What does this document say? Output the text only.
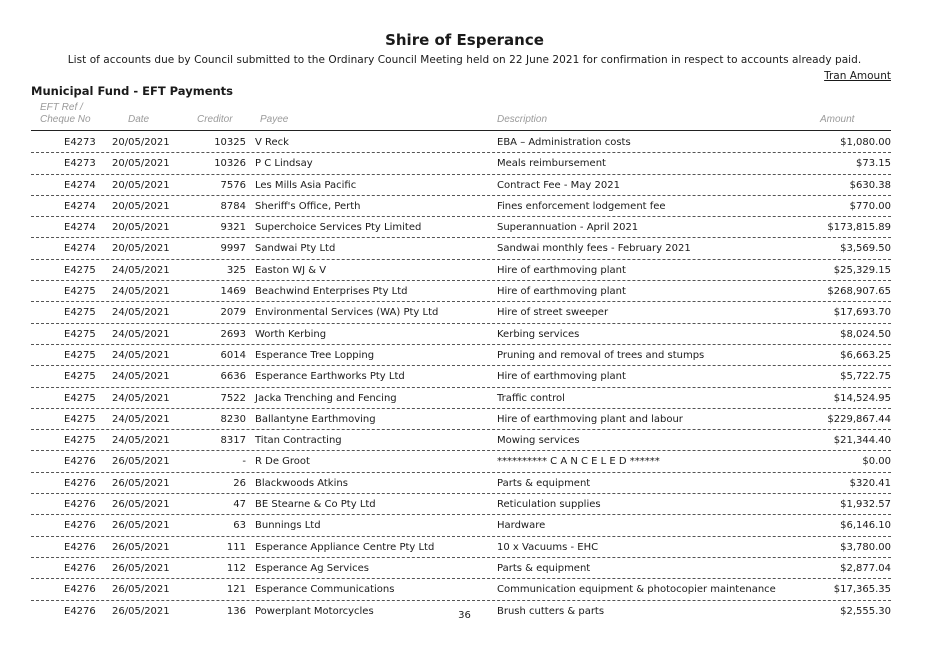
Shire of Esperance
List of accounts due by Council submitted to the Ordinary Council Meeting held on 22 June 2021 for confirmation in respect to accounts already paid.
Tran Amount
Municipal Fund - EFT Payments
EFT Ref /
Cheque No	Date	Creditor	Payee	Description	Amount
E4273 20/05/2021	10325 V Reck	EBA – Administration costs	$1,080.00
E4273 20/05/2021	10326 P C Lindsay	Meals reimbursement	$73.15
E4274 20/05/2021	7576 Les Mills Asia Pacific	Contract Fee - May 2021	$630.38
E4274 20/05/2021	8784 Sheriff's Office, Perth	Fines enforcement lodgement fee	$770.00
E4274 20/05/2021	9321 Superchoice Services Pty Limited	Superannuation - April 2021	$173,815.89
E4274 20/05/2021	9997 Sandwai Pty Ltd	Sandwai monthly fees - February 2021	$3,569.50
E4275 24/05/2021	325 Easton WJ & V	Hire of earthmoving plant	$25,329.15
E4275 24/05/2021	1469 Beachwind Enterprises Pty Ltd	Hire of earthmoving plant	$268,907.65
E4275 24/05/2021	2079 Environmental Services (WA) Pty Ltd	Hire of street sweeper	$17,693.70
E4275 24/05/2021	2693 Worth Kerbing	Kerbing services	$8,024.50
E4275 24/05/2021	6014 Esperance Tree Lopping	Pruning and removal of trees and stumps	$6,663.25
E4275 24/05/2021	6636 Esperance Earthworks Pty Ltd	Hire of earthmoving plant	$5,722.75
E4275 24/05/2021	7522 Jacka Trenching and Fencing	Traffic control	$14,524.95
E4275 24/05/2021	8230 Ballantyne Earthmoving	Hire of earthmoving plant and labour	$229,867.44
E4275 24/05/2021	8317 Titan Contracting	Mowing services	$21,344.40
E4276 26/05/2021	- R De Groot	********** C A N C E L E D ******	$0.00
E4276 26/05/2021	26 Blackwoods Atkins	Parts & equipment	$320.41
E4276 26/05/2021	47 BE Stearne & Co Pty Ltd	Reticulation supplies	$1,932.57
E4276 26/05/2021	63 Bunnings Ltd	Hardware	$6,146.10
E4276 26/05/2021	111 Esperance Appliance Centre Pty Ltd	10 x Vacuums - EHC	$3,780.00
E4276 26/05/2021	112 Esperance Ag Services	Parts & equipment	$2,877.04
E4276 26/05/2021	121 Esperance Communications	Communication equipment & photocopier maintenance	$17,365.35
E4276 26/05/2021	136 Powerplant Motorcycles	Brush cutters & parts	$2,555.30
36
